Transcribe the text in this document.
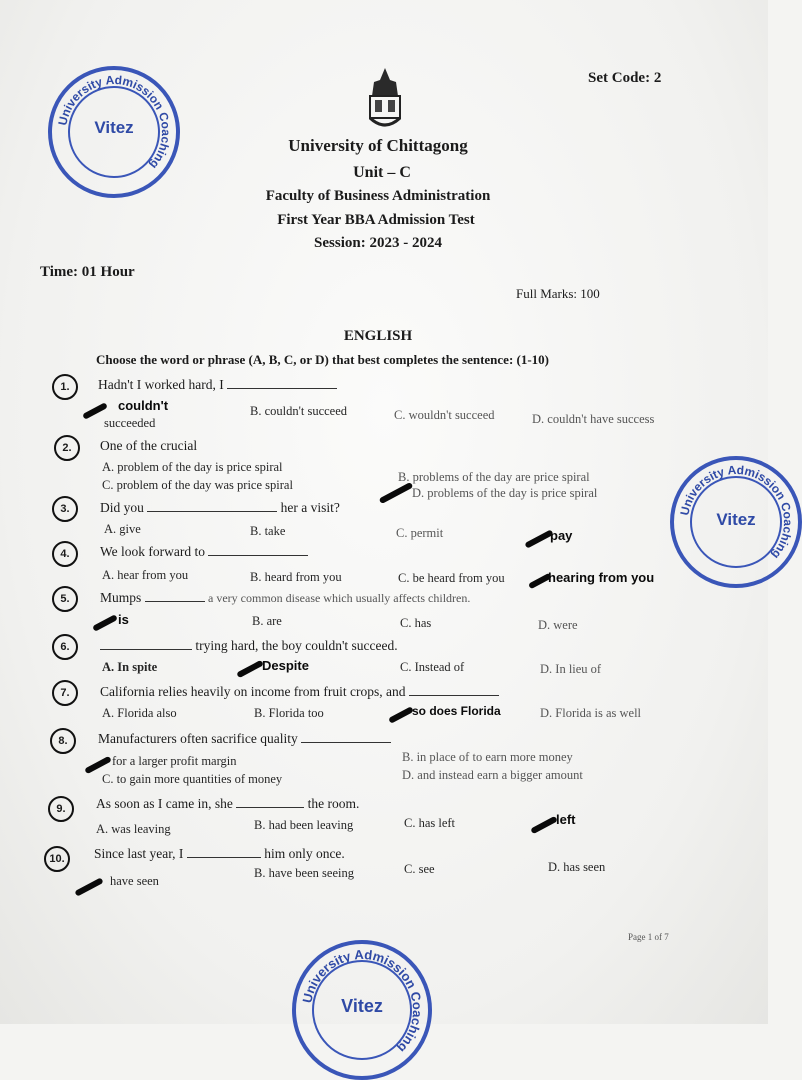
University Admission Coaching
Vitez
University Admission Coaching
Vitez
University Admission Coaching
Vitez
Set Code: 2
University of Chittagong
Unit – C
Faculty of Business Administration
First Year BBA Admission Test
Session: 2023 - 2024
Time: 01 Hour
Full Marks: 100
ENGLISH
Choose the word or phrase (A, B, C, or D) that best completes the sentence: (1-10)
1.	Hadn't I worked hard, I
couldn't
succeeded
B. couldn't succeed	C. wouldn't succeed	D. couldn't have success
2.	One of the crucial
A. problem of the day is price spiral
C. problem of the day was price spiral
B. problems of the day are price spiral
D. problems of the day is price spiral
3.	Did you	her a visit?
A. give	B. take	C. permit	pay
4.	We look forward to
A. hear from you	B. heard from you	C. be heard from you	hearing from you
5.	Mumps	a very common disease which usually affects children.
is	B. are	C. has	D. were
6.	trying hard, the boy couldn't succeed.
A. In spite	Despite	C. Instead of	D. In lieu of
7.	California relies heavily on income from fruit crops, and
A. Florida also	B. Florida too	so does Florida	D. Florida is as well
8.	Manufacturers often sacrifice quality
for a larger profit margin	B. in place of to earn more money
C. to gain more quantities of money	D. and instead earn a bigger amount
9.	As soon as I came in, she	the room.
A. was leaving	B. had been leaving	C. has left	left
10.	Since last year, I	him only once.
have seen
B. have been seeing	C. see	D. has seen
Page 1 of 7
